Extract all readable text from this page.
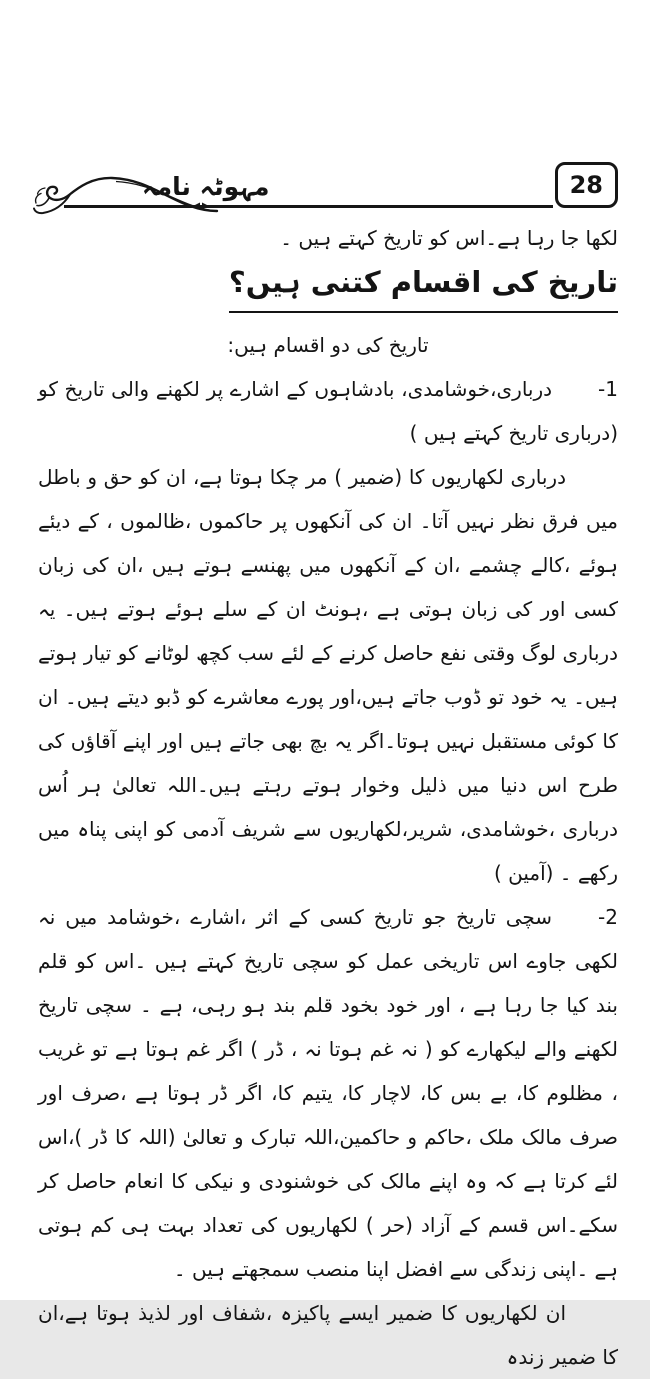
مہوٹہ نامہ	28

لکھا جا رہا ہے۔اس کو تاریخ کہتے ہیں ۔

تاریخ کی اقسام کتنی ہیں؟

تاریخ کی دو اقسام ہیں:

1-درباری،خوشامدی، بادشاہوں کے اشارے پر لکھنے والی تاریخ کو (درباری تاریخ کہتے ہیں )

درباری لکھاریوں کا (ضمیر ) مر چکا ہوتا ہے، ان کو حق و باطل میں فرق نظر نہیں آتا۔ ان کی آنکھوں پر حاکموں ،ظالموں ، کے دیئے ہوئے ،کالے چشمے ،ان کے آنکھوں میں پھنسے ہوتے ہیں ،ان کی زبان کسی اور کی زبان ہوتی ہے ،ہونٹ ان کے سلے ہوئے ہوتے ہیں۔ یہ درباری لوگ وقتی نفع حاصل کرنے کے لئے سب کچھ لوٹانے کو تیار ہوتے ہیں۔ یہ خود تو ڈوب جاتے ہیں،اور پورے معاشرے کو ڈبو دیتے ہیں۔ ان کا کوئی مستقبل نہیں ہوتا۔اگر یہ بچ بھی جاتے ہیں اور اپنے آقاؤں کی طرح اس دنیا میں ذلیل وخوار ہوتے رہتے ہیں۔اللہ تعالیٰ ہر اُس درباری ،خوشامدی، شریر،لکھاریوں سے شریف آدمی کو اپنی پناہ میں رکھے ۔ (آمین )

2-سچی تاریخ جو تاریخ کسی کے اثر ،اشارے ،خوشامد میں نہ لکھی جاوے اس تاریخی عمل کو سچی تاریخ کہتے ہیں ۔اس کو قلم بند کیا جا رہا ہے ، اور خود بخود قلم بند ہو رہی، ہے ۔ سچی تاریخ لکھنے والے لیکھارے کو ( نہ غم ہوتا نہ ، ڈر ) اگر غم ہوتا ہے تو غریب ، مظلوم کا، بے بس کا، لاچار کا، یتیم کا، اگر ڈر ہوتا ہے ،صرف اور صرف مالک ملک ،حاکم و حاکمین،اللہ تبارک و تعالیٰ (اللہ کا ڈر )،اس لئے کرتا ہے کہ وہ اپنے مالک کی خوشنودی و نیکی کا انعام حاصل کر سکے۔اس قسم کے آزاد (حر ) لکھاریوں کی تعداد بہت ہی کم ہوتی ہے ۔اپنی زندگی سے افضل اپنا منصب سمجھتے ہیں ۔

ان لکھاریوں کا ضمیر ایسے پاکیزہ ،شفاف اور لذیذ ہوتا ہے،ان کا ضمیر زندہ
